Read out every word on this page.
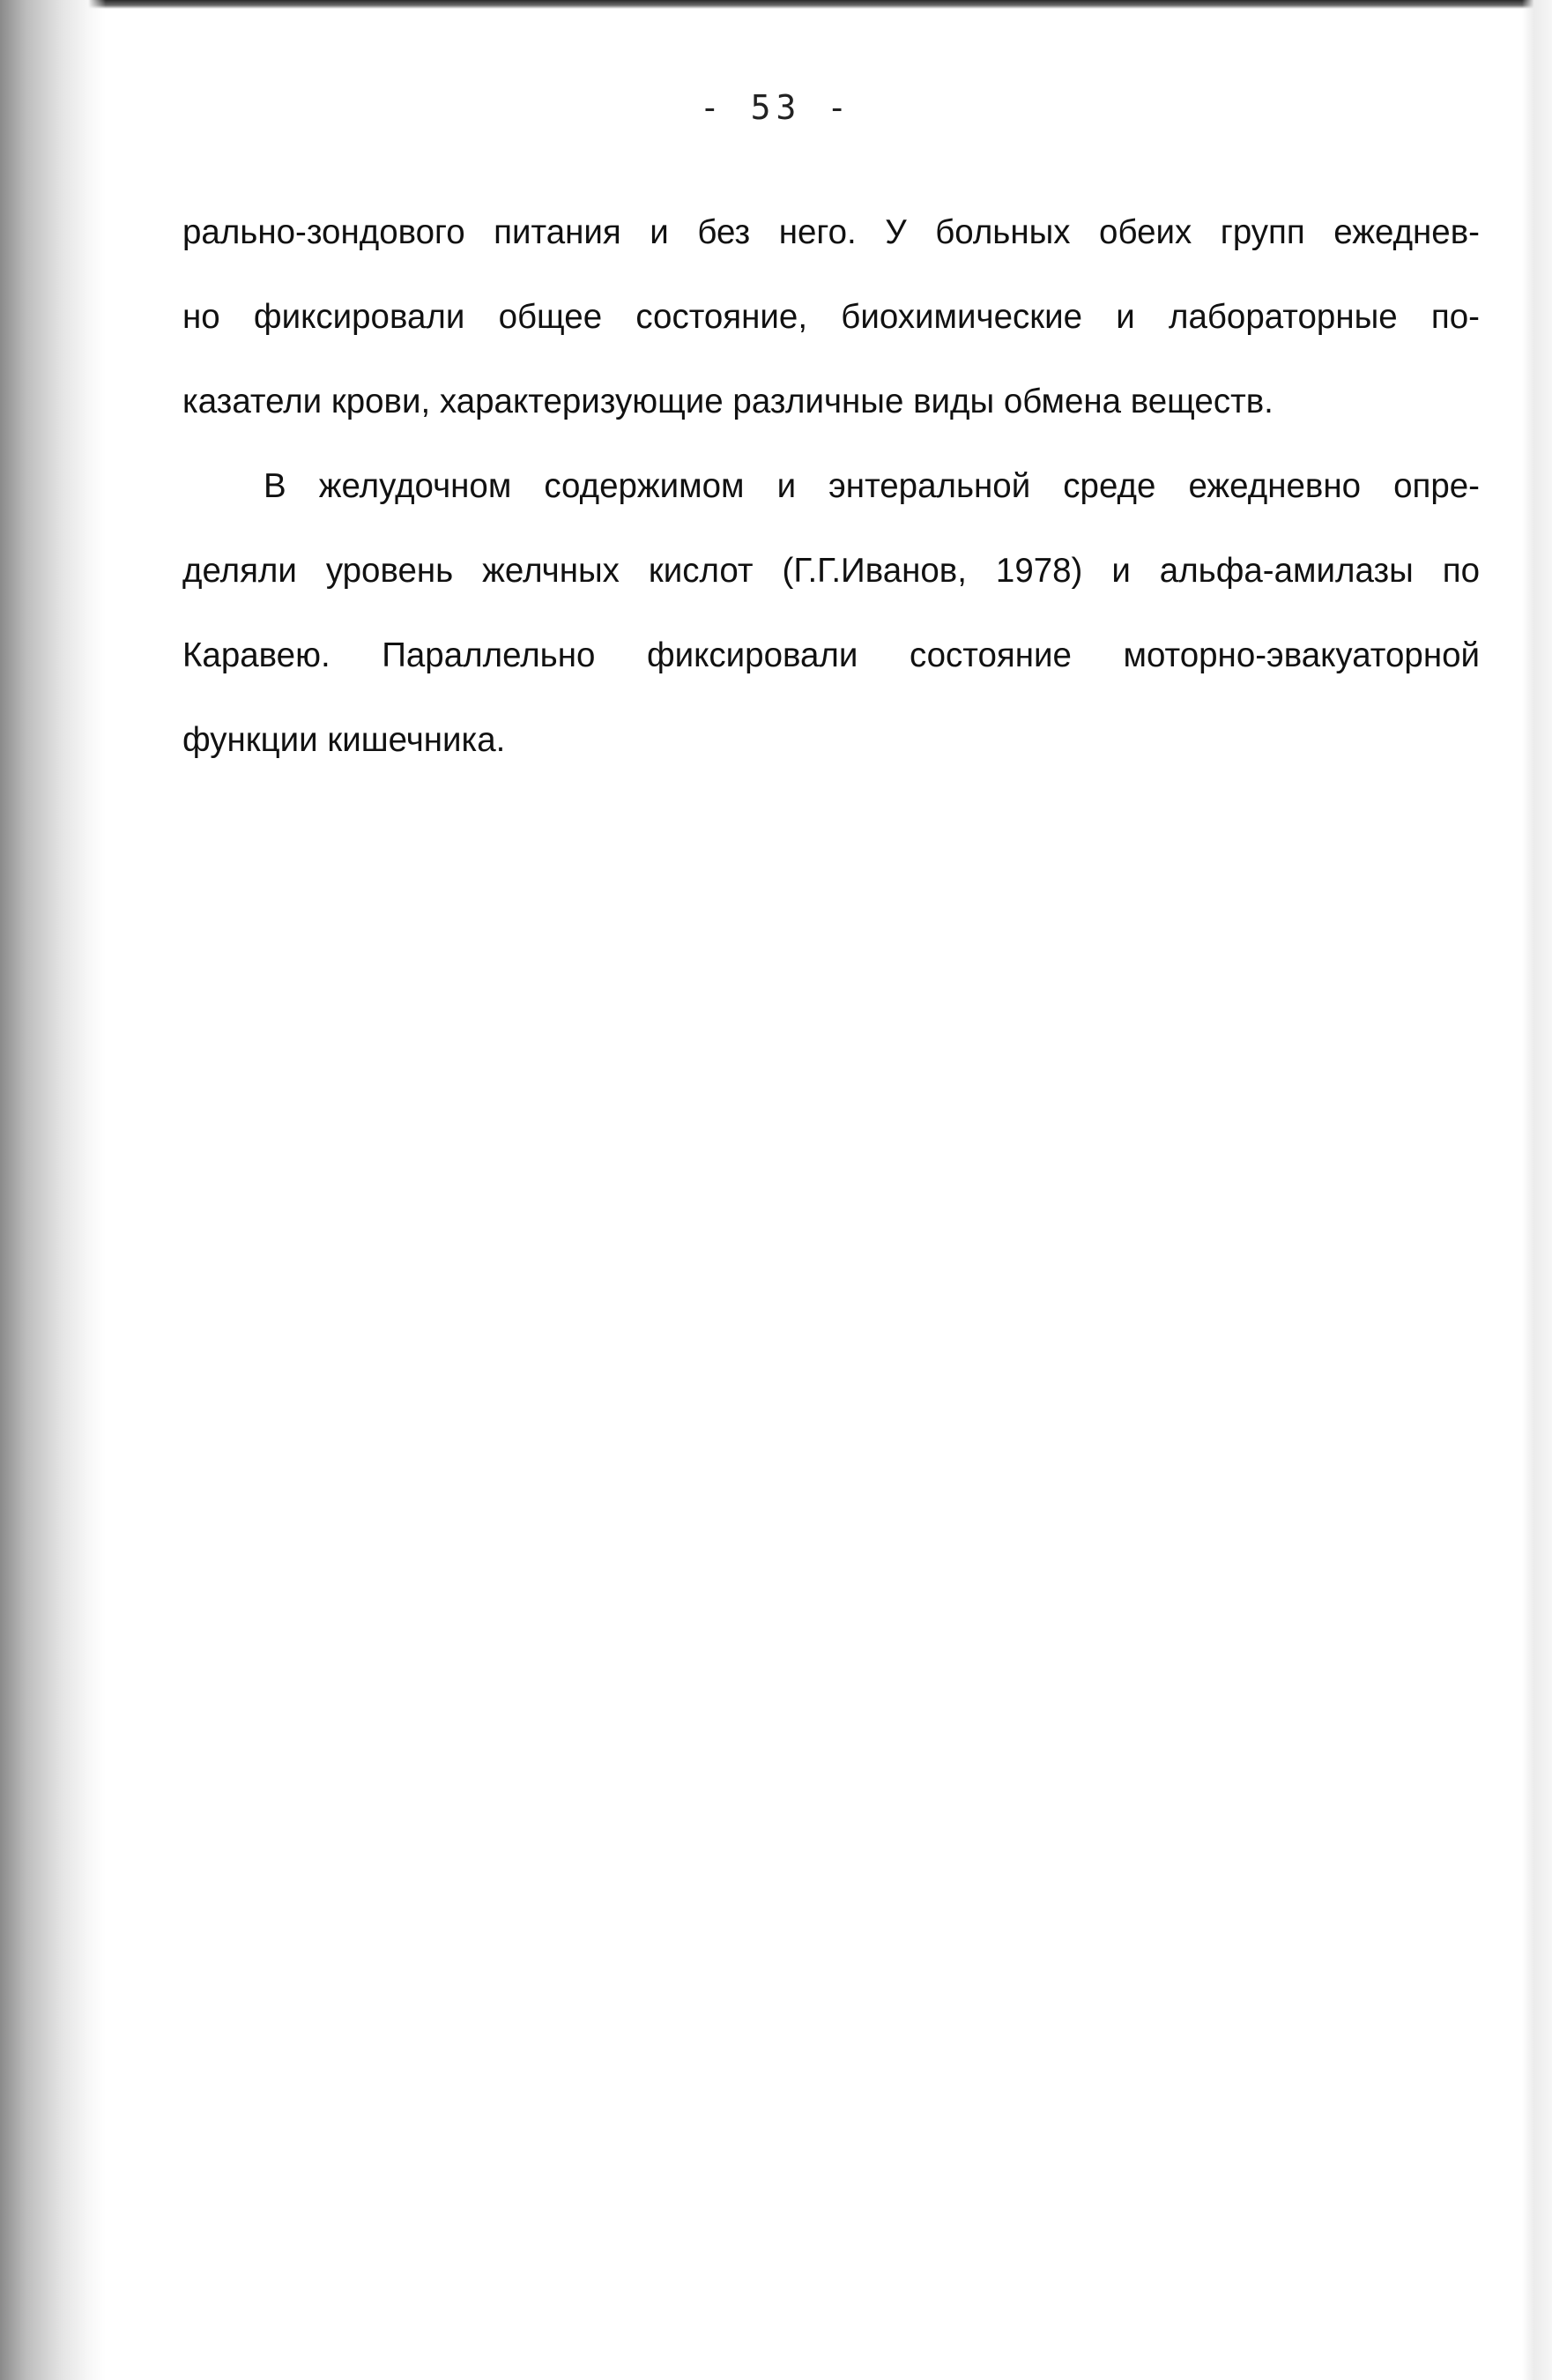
- 53 -

рально-зондового питания и без него. У больных обеих групп ежеднев-
но фиксировали общее состояние, биохимические и лабораторные по-
казатели крови, характеризующие различные виды обмена веществ.

В желудочном содержимом и энтеральной среде ежедневно опре-
деляли уровень желчных кислот (Г.Г.Иванов, 1978) и альфа-амилазы по
Каравею. Параллельно фиксировали состояние моторно-эвакуаторной
функции кишечника.
